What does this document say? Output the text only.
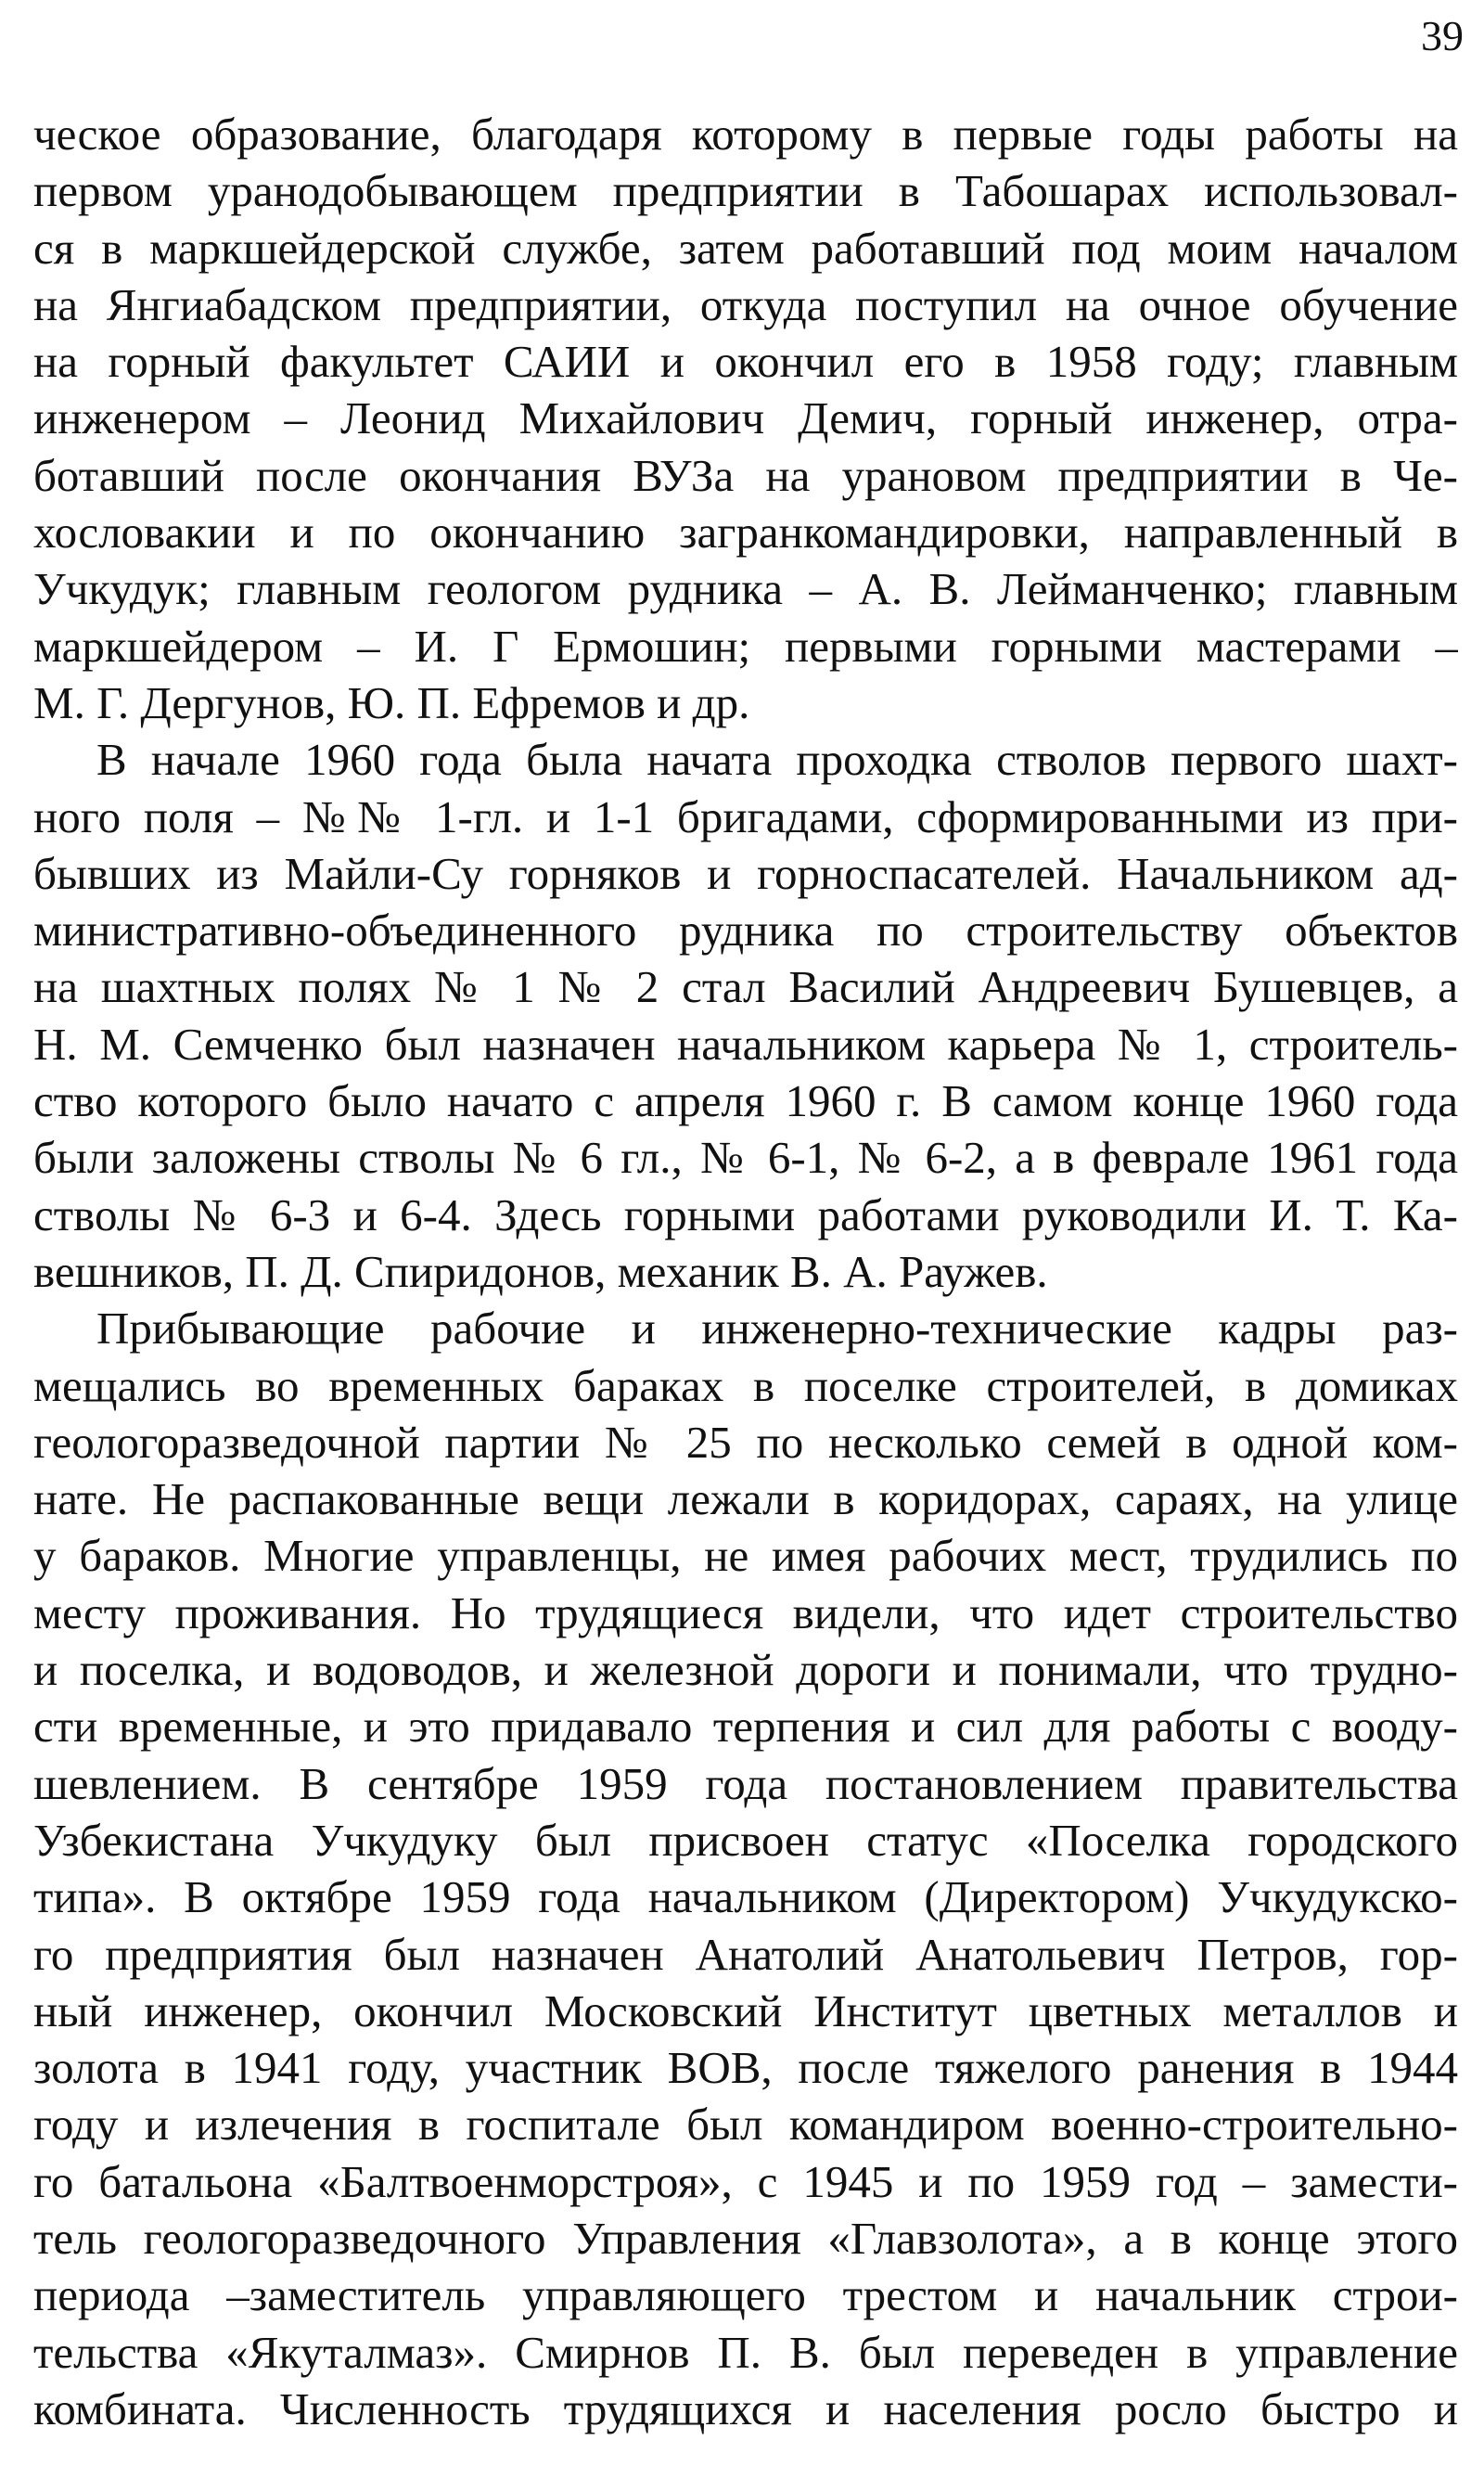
39
ческое образование, благодаря которому в первые годы работы на
первом уранодобывающем предприятии в Табошарах использовал-
ся в маркшейдерской службе, затем работавший под моим началом
на Янгиабадском предприятии, откуда поступил на очное обучение
на горный факультет САИИ и окончил его в 1958 году; главным
инженером – Леонид Михайлович Демич, горный инженер, отра-
ботавший после окончания ВУЗа на урановом предприятии в Че-
хословакии и по окончанию загранкомандировки, направленный в
Учкудук; главным геологом рудника – А. В. Лейманченко; главным
маркшейдером – И. Г Ермошин; первыми горными мастерами –
М. Г. Дергунов, Ю. П. Ефремов и др.
В начале 1960 года была начата проходка стволов первого шахт-
ного поля – №№ 1-гл. и 1-1 бригадами, сформированными из при-
бывших из Майли-Су горняков и горноспасателей. Начальником ад-
министративно-объединенного рудника по строительству объектов
на шахтных полях № 1 № 2 стал Василий Андреевич Бушевцев, а
Н. М. Семченко был назначен начальником карьера № 1, строитель-
ство которого было начато с апреля 1960 г. В самом конце 1960 года
были заложены стволы № 6 гл., № 6-1, № 6-2, а в феврале 1961 года
стволы № 6-3 и 6-4. Здесь горными работами руководили И. Т. Ка-
вешников, П. Д. Спиридонов, механик В. А. Раужев.
Прибывающие рабочие и инженерно-технические кадры раз-
мещались во временных бараках в поселке строителей, в домиках
геологоразведочной партии № 25 по несколько семей в одной ком-
нате. Не распакованные вещи лежали в коридорах, сараях, на улице
у бараков. Многие управленцы, не имея рабочих мест, трудились по
месту проживания. Но трудящиеся видели, что идет строительство
и поселка, и водоводов, и железной дороги и понимали, что трудно-
сти временные, и это придавало терпения и сил для работы с вооду-
шевлением. В сентябре 1959 года постановлением правительства
Узбекистана Учкудуку был присвоен статус «Поселка городского
типа». В октябре 1959 года начальником (Директором) Учкудукско-
го предприятия был назначен Анатолий Анатольевич Петров, гор-
ный инженер, окончил Московский Институт цветных металлов и
золота в 1941 году, участник ВОВ, после тяжелого ранения в 1944
году и излечения в госпитале был командиром военно-строительно-
го батальона «Балтвоенморстроя», с 1945 и по 1959 год – замести-
тель геологоразведочного Управления «Главзолота», а в конце этого
периода –заместитель управляющего трестом и начальник строи-
тельства «Якуталмаз». Смирнов П. В. был переведен в управление
комбината. Численность трудящихся и населения росло быстро и
